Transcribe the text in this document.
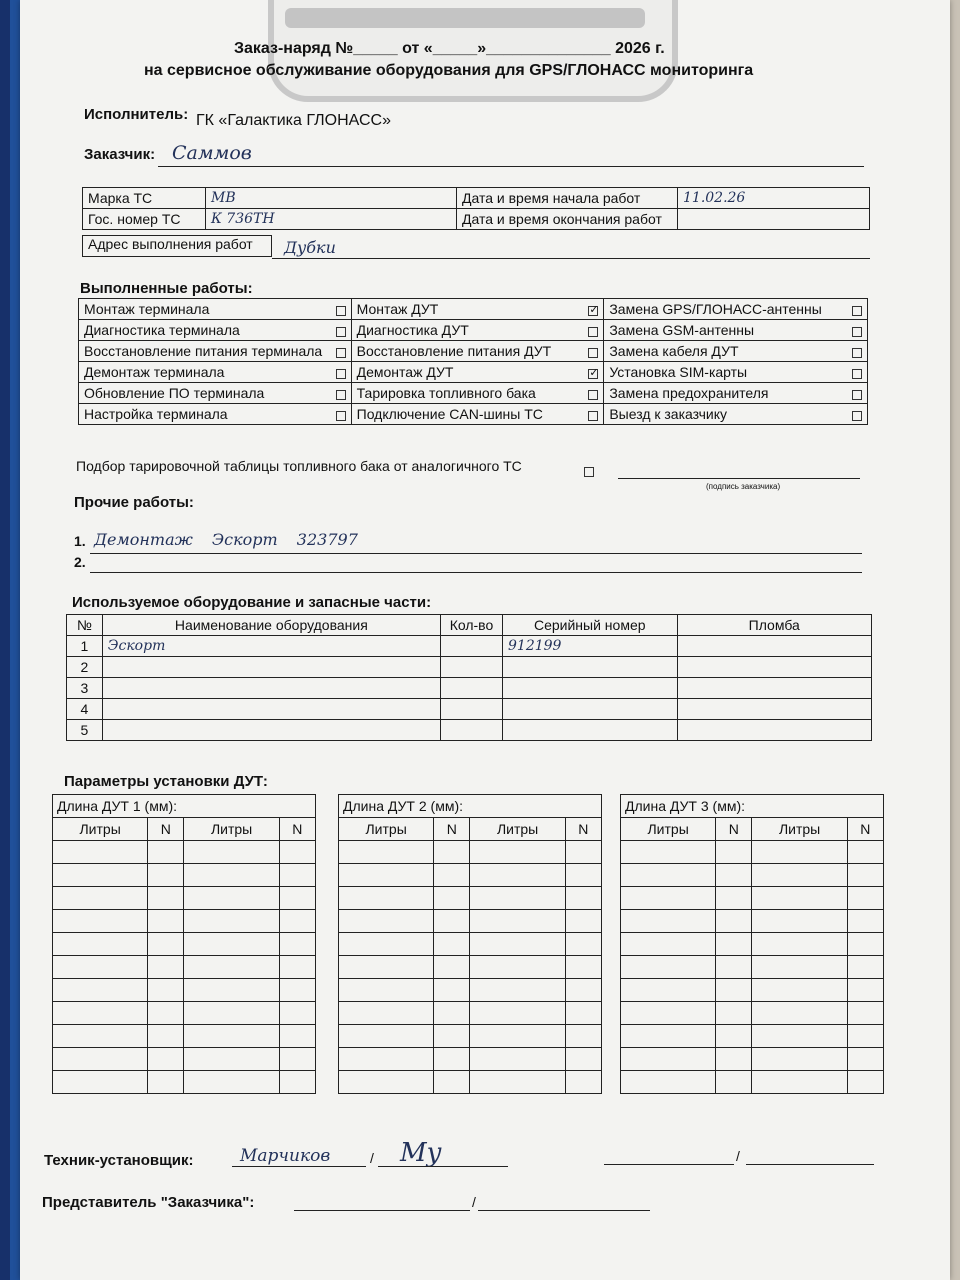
Заказ-наряд №_____ от «_____»______________ 2026 г.
на сервисное обслуживание оборудования для GPS/ГЛОНАСС мониторинга
Исполнитель: ГК «Галактика ГЛОНАСС»
Заказчик: Саммов
Марка ТС	МВ	Дата и время начала работ	11.02.26
Гос. номер ТС	К 736ТН	Дата и время окончания работ	
Адрес выполнения работ	Дубки
Выполненные работы:
Монтаж терминала	Монтаж ДУТ ✓	Замена GPS/ГЛОНАСС-антенны

Диагностика терминала	Диагностика ДУТ	Замена GSM-антенны

Восстановление питания терминала	Восстановление питания ДУТ	Замена кабеля ДУТ

Демонтаж терминала	Демонтаж ДУТ ✓	Установка SIM-карты

Обновление ПО терминала	Тарировка топливного бака	Замена предохранителя

Настройка терминала	Подключение CAN-шины ТС	Выезд к заказчику
Подбор тарировочной таблицы топливного бака от аналогичного ТС
(подпись заказчика)
Прочие работы:
1. Демонтаж Эскорт 323797
2.
Используемое оборудование и запасные части:
№	Наименование оборудования	Кол-во	Серийный номер	Пломба
1	Эскорт		912199	
2				
3				
4				
5				
Параметры установки ДУТ:
Длина ДУТ 1 (мм):			
Литры	N	Литры	N

Длина ДУТ 2 (мм):			
Литры	N	Литры	N

Длина ДУТ 3 (мм):			
Литры	N	Литры	N

Техник-установщик:	Марчиков	/ Му	/
Представитель "Заказчика":	/
